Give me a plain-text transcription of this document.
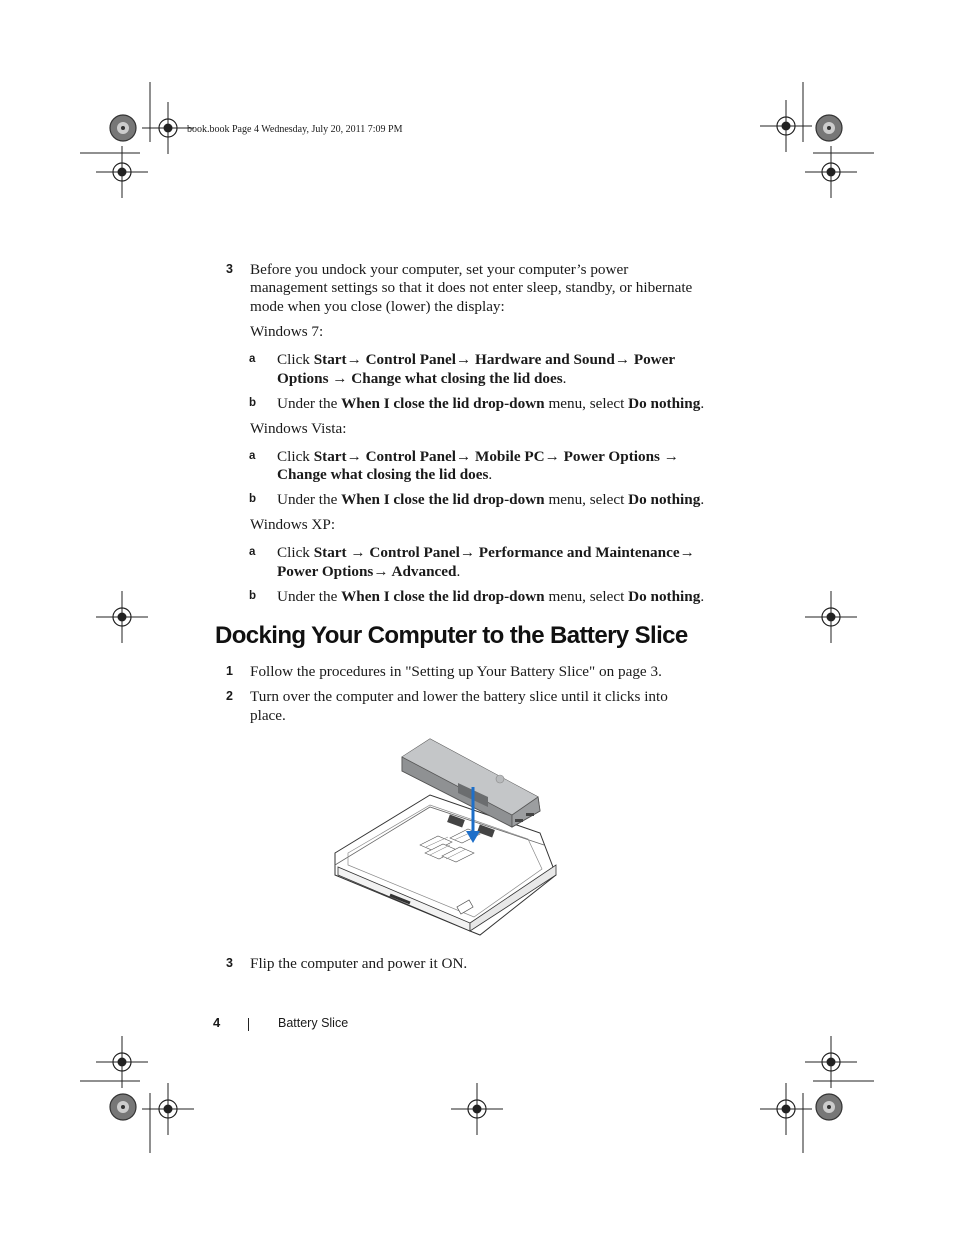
book.book Page 4 Wednesday, July 20, 2011 7:09 PM
3 Before you undock your computer, set your computer’s power
management settings so that it does not enter sleep, standby, or hibernate
mode when you close (lower) the display:
Windows 7:
a Click Start→ Control Panel→ Hardware and Sound→ Power
Options → Change what closing the lid does.
b Under the When I close the lid drop-down menu, select Do nothing.
Windows Vista:
a Click Start→ Control Panel→ Mobile PC→ Power Options →
Change what closing the lid does.
b Under the When I close the lid drop-down menu, select Do nothing.
Windows XP:
a Click Start → Control Panel→ Performance and Maintenance→
Power Options→ Advanced.
b Under the When I close the lid drop-down menu, select Do nothing.
Docking Your Computer to the Battery Slice
1 Follow the procedures in "Setting up Your Battery Slice" on page 3.
2 Turn over the computer and lower the battery slice until it clicks into
place.
3 Flip the computer and power it ON.
4	Battery Slice
